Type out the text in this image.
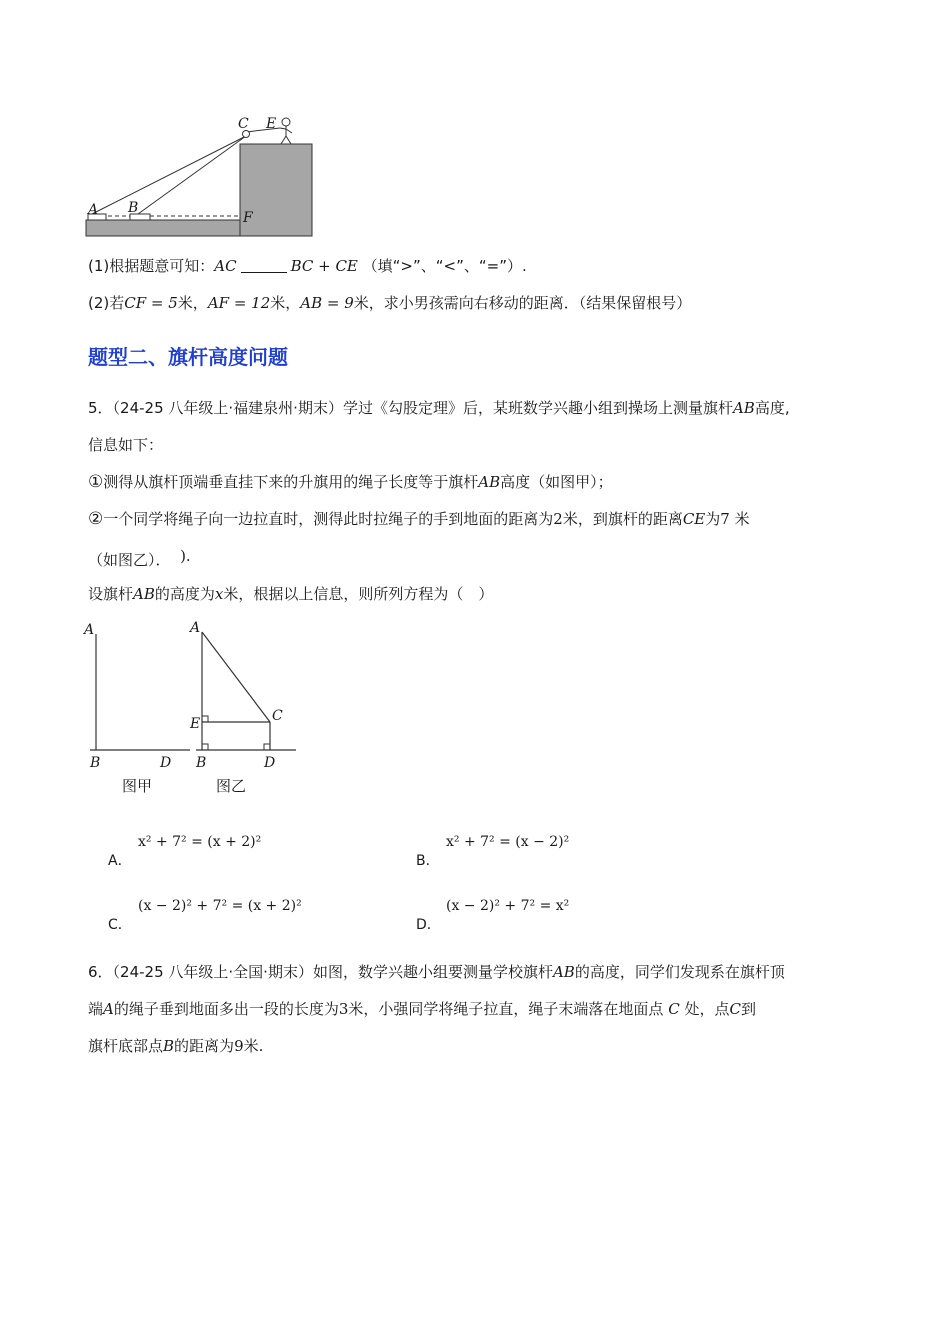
C E
A B
F
(1)根据题意可知：AC	BC + CE （填“>”、“<”、“=”）.
(2)若CF = 5米，AF = 12米，AB = 9米，求小男孩需向右移动的距离．（结果保留根号）
题型二、旗杆高度问题
5．（24-25 八年级上·福建泉州·期末）学过《勾股定理》后，某班数学兴趣小组到操场上测量旗杆AB高度,
信息如下：
①测得从旗杆顶端垂直挂下来的升旗用的绳子长度等于旗杆AB高度（如图甲）；
②一个同学将绳子向一边拉直时，测得此时拉绳子的手到地面的距离为2米，到旗杆的距离CE为7 米
（如图乙）． ).
设旗杆AB的高度为x米，根据以上信息，则所列方程为（　）
A
B	D
图甲
A
E	C
B	D
图乙
A．
x² + 7² = (x + 2)²
B．
x² + 7² = (x − 2)²
C．
(x − 2)² + 7² = (x + 2)²
D．
(x − 2)² + 7² = x²
6．（24-25 八年级上·全国·期末）如图，数学兴趣小组要测量学校旗杆AB的高度，同学们发现系在旗杆顶
端A的绳子垂到地面多出一段的长度为3米，小强同学将绳子拉直，绳子末端落在地面点 C 处，点C到
旗杆底部点B的距离为9米.
